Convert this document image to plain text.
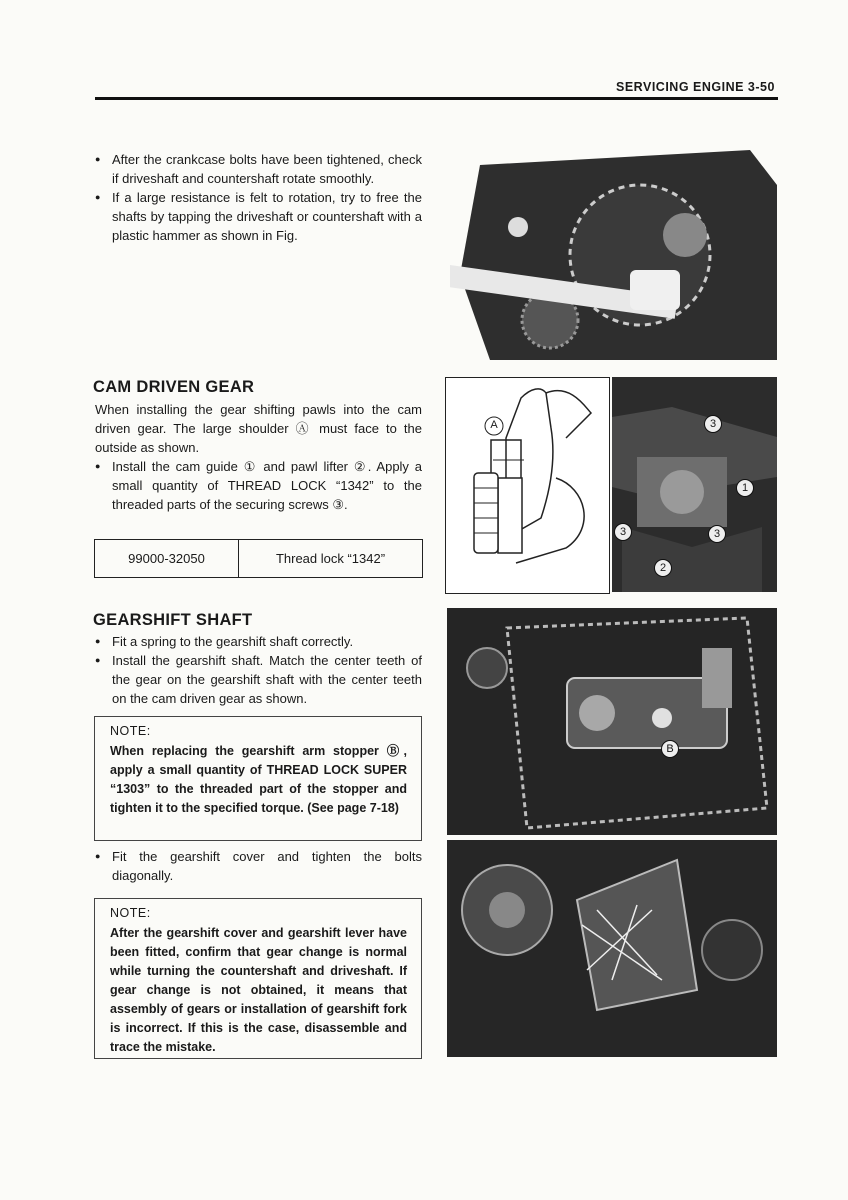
SERVICING ENGINE 3-50
● After the crankcase bolts have been tightened, check if driveshaft and countershaft rotate smoothly.
● If a large resistance is felt to rotation, try to free the shafts by tapping the driveshaft or countershaft with a plastic hammer as shown in Fig.
CAM DRIVEN GEAR
When installing the gear shifting pawls into the cam driven gear. The large shoulder Ⓐ must face to the outside as shown.
● Install the cam guide ① and pawl lifter ②. Apply a small quantity of THREAD LOCK “1342” to the threaded parts of the securing screws ③.
99000-32050	Thread lock “1342”
A	3
1
3	3
2
GEARSHIFT SHAFT
● Fit a spring to the gearshift shaft correctly.
● Install the gearshift shaft. Match the center teeth of the gear on the gearshift shaft with the center teeth on the cam driven gear as shown.
NOTE:
When replacing the gearshift arm stopper Ⓑ, apply a small quantity of THREAD LOCK SUPER “1303” to the threaded part of the stopper and tighten it to the specified torque. (See page 7-18)
● Fit the gearshift cover and tighten the bolts diagonally.
NOTE:
After the gearshift cover and gearshift lever have been fitted, confirm that gear change is normal while turning the countershaft and driveshaft. If gear change is not obtained, it means that assembly of gears or installation of gearshift fork is incorrect. If this is the case, disassemble and trace the mistake.
B
